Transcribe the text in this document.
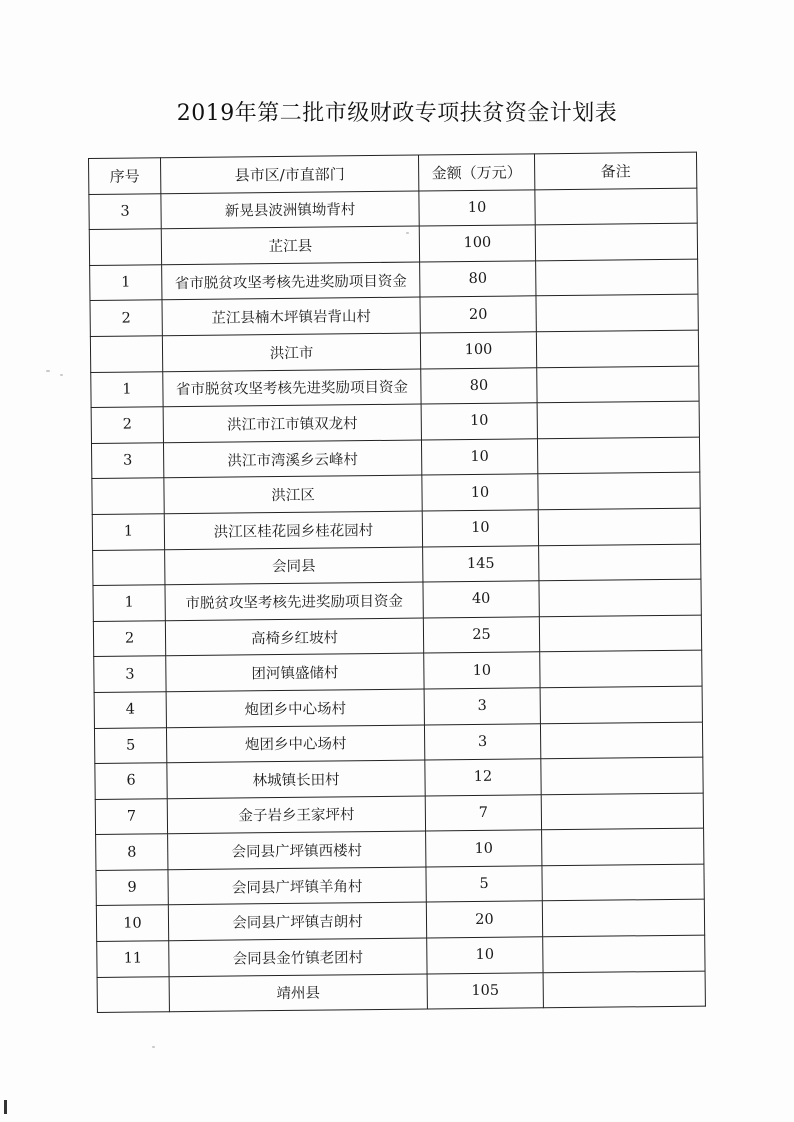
2019年第二批市级财政专项扶贫资金计划表
序号	县市区/市直部门	金额（万元）	备注
3	新晃县波洲镇坳背村	10	
	芷江县	100	
1	省市脱贫攻坚考核先进奖励项目资金	80	
2	芷江县楠木坪镇岩背山村	20	
	洪江市	100	
1	省市脱贫攻坚考核先进奖励项目资金	80	
2	洪江市江市镇双龙村	10	
3	洪江市湾溪乡云峰村	10	
	洪江区	10	
1	洪江区桂花园乡桂花园村	10	
	会同县	145	
1	市脱贫攻坚考核先进奖励项目资金	40	
2	高椅乡红坡村	25	
3	团河镇盛储村	10	
4	炮团乡中心场村	3	
5	炮团乡中心场村	3	
6	林城镇长田村	12	
7	金子岩乡王家坪村	7	
8	会同县广坪镇西楼村	10	
9	会同县广坪镇羊角村	5	
10	会同县广坪镇吉朗村	20	
11	会同县金竹镇老团村	10	
	靖州县	105	
